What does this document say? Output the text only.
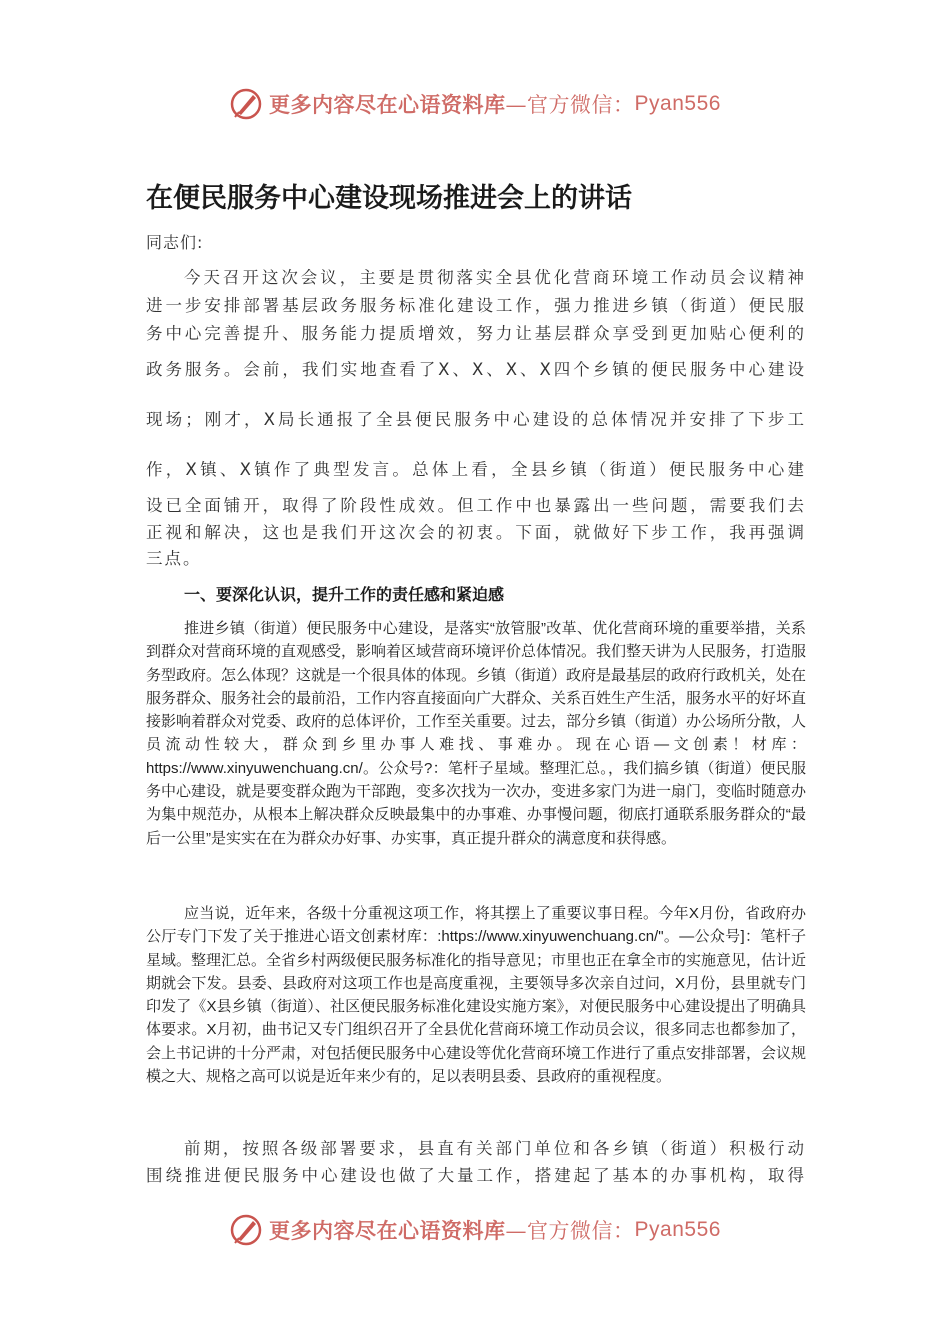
更多内容尽在心语资料库 —官方微信： Pyan556
在便民服务中心建设现场推进会上的讲话
同志们:
今天召开这次会议，主要是贯彻落实全县优化营商环境工作动员会议精神
进一步安排部署基层政务服务标准化建设工作，强力推进乡镇（街道）便民服
务中心完善提升、服务能力提质增效，努力让基层群众享受到更加贴心便利的
政务服务。会前，我们实地查看了X、X、X、X四个乡镇的便民服务中心建设
现场；刚才，X局长通报了全县便民服务中心建设的总体情况并安排了下步工
作，X镇、X镇作了典型发言。总体上看，全县乡镇（街道）便民服务中心建
设已全面铺开，取得了阶段性成效。但工作中也暴露出一些问题，需要我们去
正视和解决，这也是我们开这次会的初衷。下面，就做好下步工作，我再强调
三点。
一、要深化认识，提升工作的责任感和紧迫感

推进乡镇（街道）便民服务中心建设，是落实“放管服”改革、优化营商环境的重要举措，关系到群众对营商环境的直观感受，影响着区域营商环境评价总体情况。我们整天讲为人民服务，打造服务型政府。怎么体现？这就是一个很具体的体现。乡镇（街道）政府是最基层的政府行政机关，处在服务群众、服务社会的最前沿，工作内容直接面向广大群众、关系百姓生产生活，服务水平的好坏直接影响着群众对党委、政府的总体评价，工作至关重要。过去，部分乡镇（街道）办公场所分散，人员流动性较大，群众到乡里办事人难找、事难办。现在心语—文创素！材库：https://www.xinyuwenchuang.cn/。公众号?：笔杆子星域。整理汇总。，我们搞乡镇（街道）便民服务中心建设，就是要变群众跑为干部跑，变多次找为一次办，变进多家门为进一扇门，变临时随意办为集中规范办，从根本上解决群众反映最集中的办事难、办事慢问题，彻底打通联系服务群众的“最后一公里”是实实在在为群众办好事、办实事，真正提升群众的满意度和获得感。

应当说，近年来，各级十分重视这项工作，将其摆上了重要议事日程。今年X月份，省政府办公厅专门下发了关于推进心语文创素材库：:https://www.xinyuwenchuang.cn/"。—公众号]：笔杆子星域。整理汇总。全省乡村两级便民服务标准化的指导意见；市里也正在拿全市的实施意见，估计近期就会下发。县委、县政府对这项工作也是高度重视，主要领导多次亲自过问，X月份，县里就专门印发了《X县乡镇（街道）、社区便民服务标准化建设实施方案》，对便民服务中心建设提出了明确具体要求。X月初，曲书记又专门组织召开了全县优化营商环境工作动员会议，很多同志也都参加了，会上书记讲的十分严肃，对包括便民服务中心建设等优化营商环境工作进行了重点安排部署，会议规模之大、规格之高可以说是近年来少有的，足以表明县委、县政府的重视程度。

前期，按照各级部署要求，县直有关部门单位和各乡镇（街道）积极行动
围绕推进便民服务中心建设也做了大量工作，搭建起了基本的办事机构，取得
更多内容尽在心语资料库 —官方微信： Pyan556
